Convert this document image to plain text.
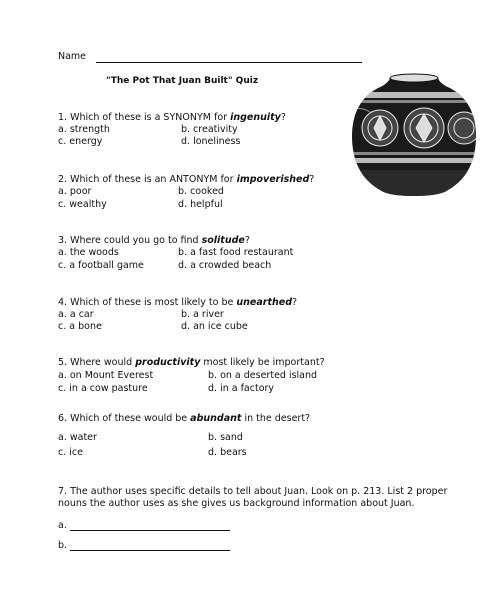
Name
"The Pot That Juan Built" Quiz
1. Which of these is a SYNONYM for ingenuity?
a. strength	b. creativity
c. energy	d. loneliness
2. Which of these is an ANTONYM for impoverished?
a. poor	b. cooked
c. wealthy	d. helpful
3. Where could you go to find solitude?
a. the woods	b. a fast food restaurant
c. a football game	d. a crowded beach
4. Which of these is most likely to be unearthed?
a. a car	b. a river
c. a bone	d. an ice cube
5. Where would productivity most likely be important?
a. on Mount Everest	b. on a deserted island
c. in a cow pasture	d. in a factory
6. Which of these would be abundant in the desert?
a. water	b. sand
c. ice	d. bears
7. The author uses specific details to tell about Juan. Look on p. 213. List 2 proper
nouns the author uses as she gives us background information about Juan.
a.
b.
